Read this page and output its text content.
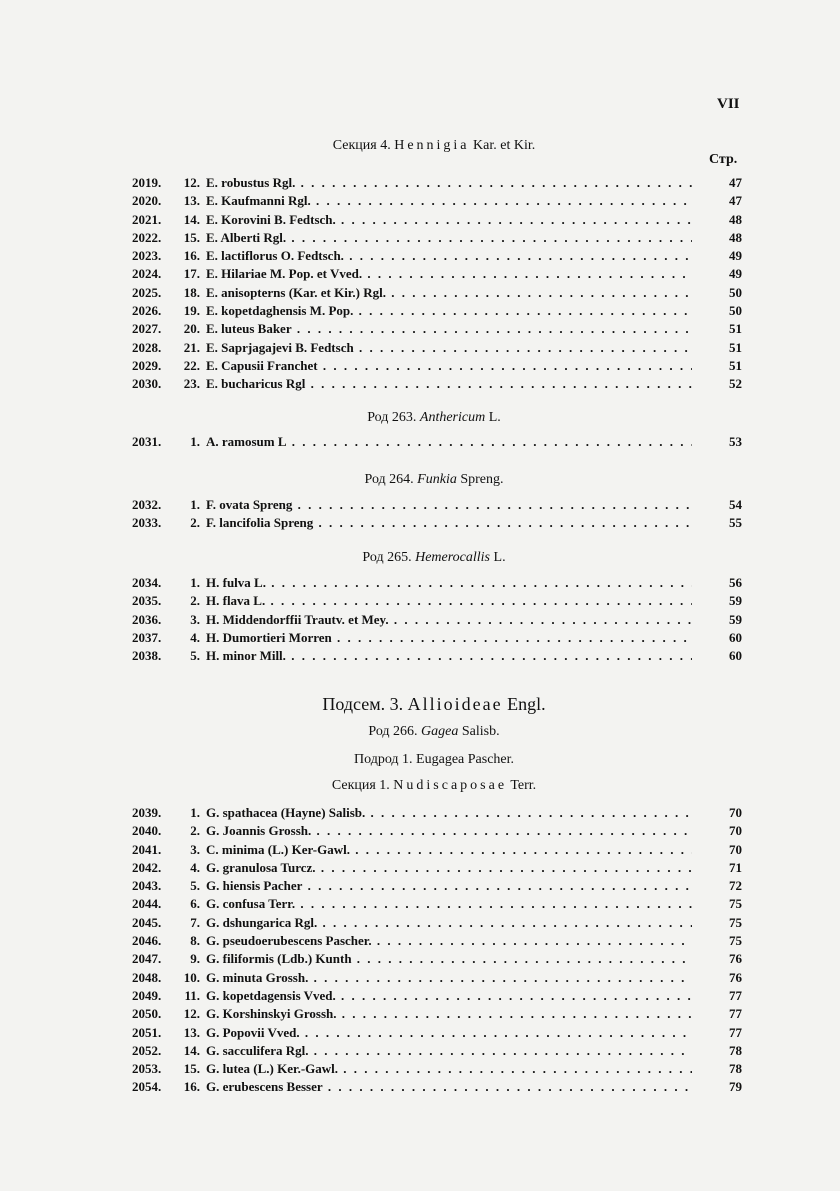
VII
Секция 4. Hennigia Kar. et Kir.
Стр.
2019.	12. E. robustus Rgl. . . .	47
2020.	13. E. Kaufmanni Rgl. . . .	47
2021.	14. E. Korovini B. Fedtsch. . . .	48
2022.	15. E. Alberti Rgl. . . .	48
2023.	16. E. lactiflorus O. Fedtsch. . . .	49
2024.	17. E. Hilariae M. Pop. et Vved. . . .	49
2025.	18. E. anisopterns (Kar. et Kir.) Rgl. . . .	50
2026.	19. E. kopetdaghensis M. Pop. . . .	50
2027.	20. E. luteus Baker . . .	51
2028.	21. E. Saprjagajevi B. Fedtsch . . .	51
2029.	22. E. Capusii Franchet . . .	51
2030.	23. E. bucharicus Rgl . . .	52
Род 263. Anthericum L.
2031.	1. A. ramosum L . . .	53
Род 264. Funkia Spreng.
2032.	1. F. ovata Spreng . . .	54
2033.	2. F. lancifolia Spreng . . .	55
Род 265. Hemerocallis L.
2034.	1. H. fulva L. . . .	56
2035.	2. H. flava L. . . .	59
2036.	3. H. Middendorffii Trautv. et Mey. . . .	59
2037.	4. H. Dumortieri Morren . . .	60
2038.	5. H. minor Mill. . . .	60
Подсем. 3. Allioideae Engl.
Род 266. Gagea Salisb.
Подрод 1. Eugagea Pascher.
Секция 1. Nudiscaposae Terr.
2039.	1. G. spathacea (Hayne) Salisb. . . .	70
2040.	2. G. Joannis Grossh. . . .	70
2041.	3. C. minima (L.) Ker-Gawl. . . .	70
2042.	4. G. granulosa Turcz. . . .	71
2043.	5. G. hiensis Pacher . . .	72
2044.	6. G. confusa Terr. . . .	75
2045.	7. G. dshungarica Rgl. . . .	75
2046.	8. G. pseudoerubescens Pascher. . . .	75
2047.	9. G. filiformis (Ldb.) Kunth . . .	76
2048.	10. G. minuta Grossh. . . .	76
2049.	11. G. kopetdagensis Vved. . . .	77
2050.	12. G. Korshinskyi Grossh. . . .	77
2051.	13. G. Popovii Vved. . . .	77
2052.	14. G. sacculifera Rgl. . . .	78
2053.	15. G. lutea (L.) Ker.-Gawl. . . .	78
2054.	16. G. erubescens Besser . . .	79
